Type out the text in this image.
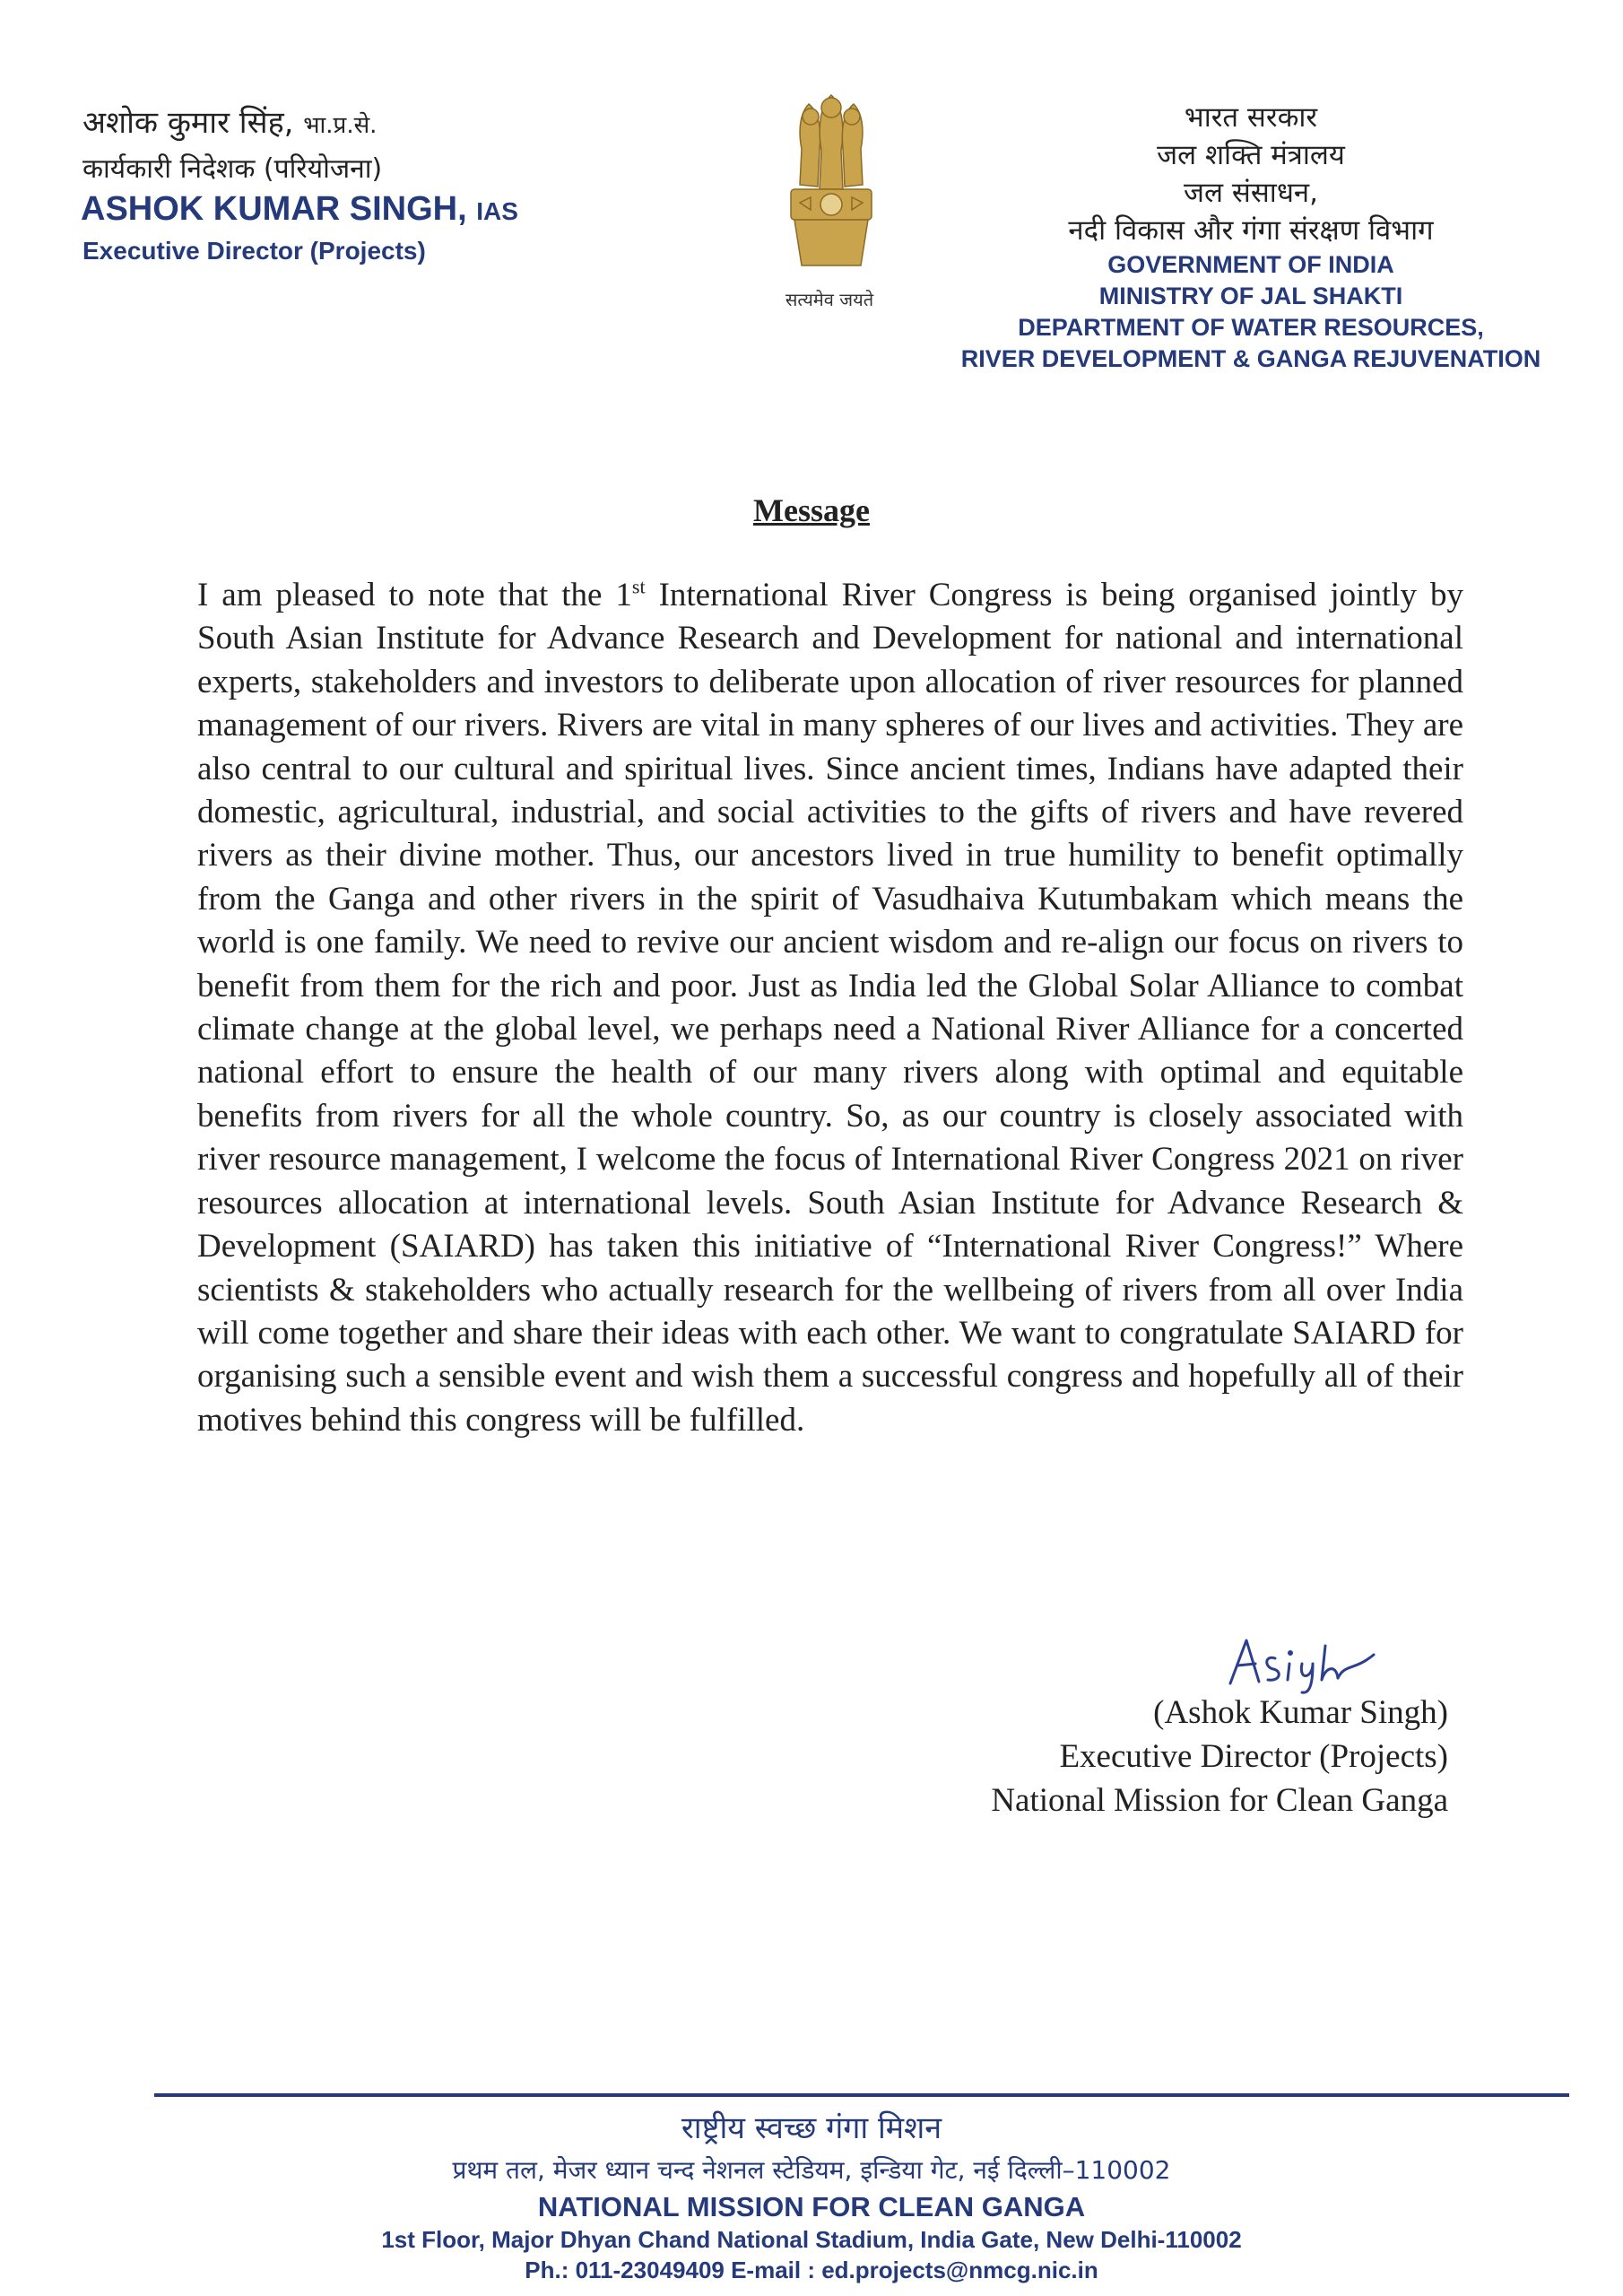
अशोक कुमार सिंह, भा.प्र.से.
कार्यकारी निदेशक (परियोजना)
ASHOK KUMAR SINGH, IAS
Executive Director (Projects)
सत्यमेव जयते
भारत सरकार
जल शक्ति मंत्रालय
जल संसाधन,
नदी विकास और गंगा संरक्षण विभाग
GOVERNMENT OF INDIA
MINISTRY OF JAL SHAKTI
DEPARTMENT OF WATER RESOURCES,
RIVER DEVELOPMENT & GANGA REJUVENATION
Message
I am pleased to note that the 1st International River Congress is being organised jointly by South Asian Institute for Advance Research and Development for national and international experts, stakeholders and investors to deliberate upon allocation of river resources for planned management of our rivers. Rivers are vital in many spheres of our lives and activities. They are also central to our cultural and spiritual lives. Since ancient times, Indians have adapted their domestic, agricultural, industrial, and social activities to the gifts of rivers and have revered rivers as their divine mother. Thus, our ancestors lived in true humility to benefit optimally from the Ganga and other rivers in the spirit of Vasudhaiva Kutumbakam which means the world is one family. We need to revive our ancient wisdom and re-align our focus on rivers to benefit from them for the rich and poor. Just as India led the Global Solar Alliance to combat climate change at the global level, we perhaps need a National River Alliance for a concerted national effort to ensure the health of our many rivers along with optimal and equitable benefits from rivers for all the whole country. So, as our country is closely associated with river resource management, I welcome the focus of International River Congress 2021 on river resources allocation at international levels. South Asian Institute for Advance Research & Development (SAIARD) has taken this initiative of “International River Congress!” Where scientists & stakeholders who actually research for the wellbeing of rivers from all over India will come together and share their ideas with each other. We want to congratulate SAIARD for organising such a sensible event and wish them a successful congress and hopefully all of their motives behind this congress will be fulfilled.
(Ashok Kumar Singh)
Executive Director (Projects)
National Mission for Clean Ganga
राष्ट्रीय स्वच्छ गंगा मिशन
प्रथम तल, मेजर ध्यान चन्द नेशनल स्टेडियम, इन्डिया गेट, नई दिल्ली–110002
NATIONAL MISSION FOR CLEAN GANGA
1st Floor, Major Dhyan Chand National Stadium, India Gate, New Delhi-110002
Ph.: 011-23049409 E-mail : ed.projects@nmcg.nic.in
